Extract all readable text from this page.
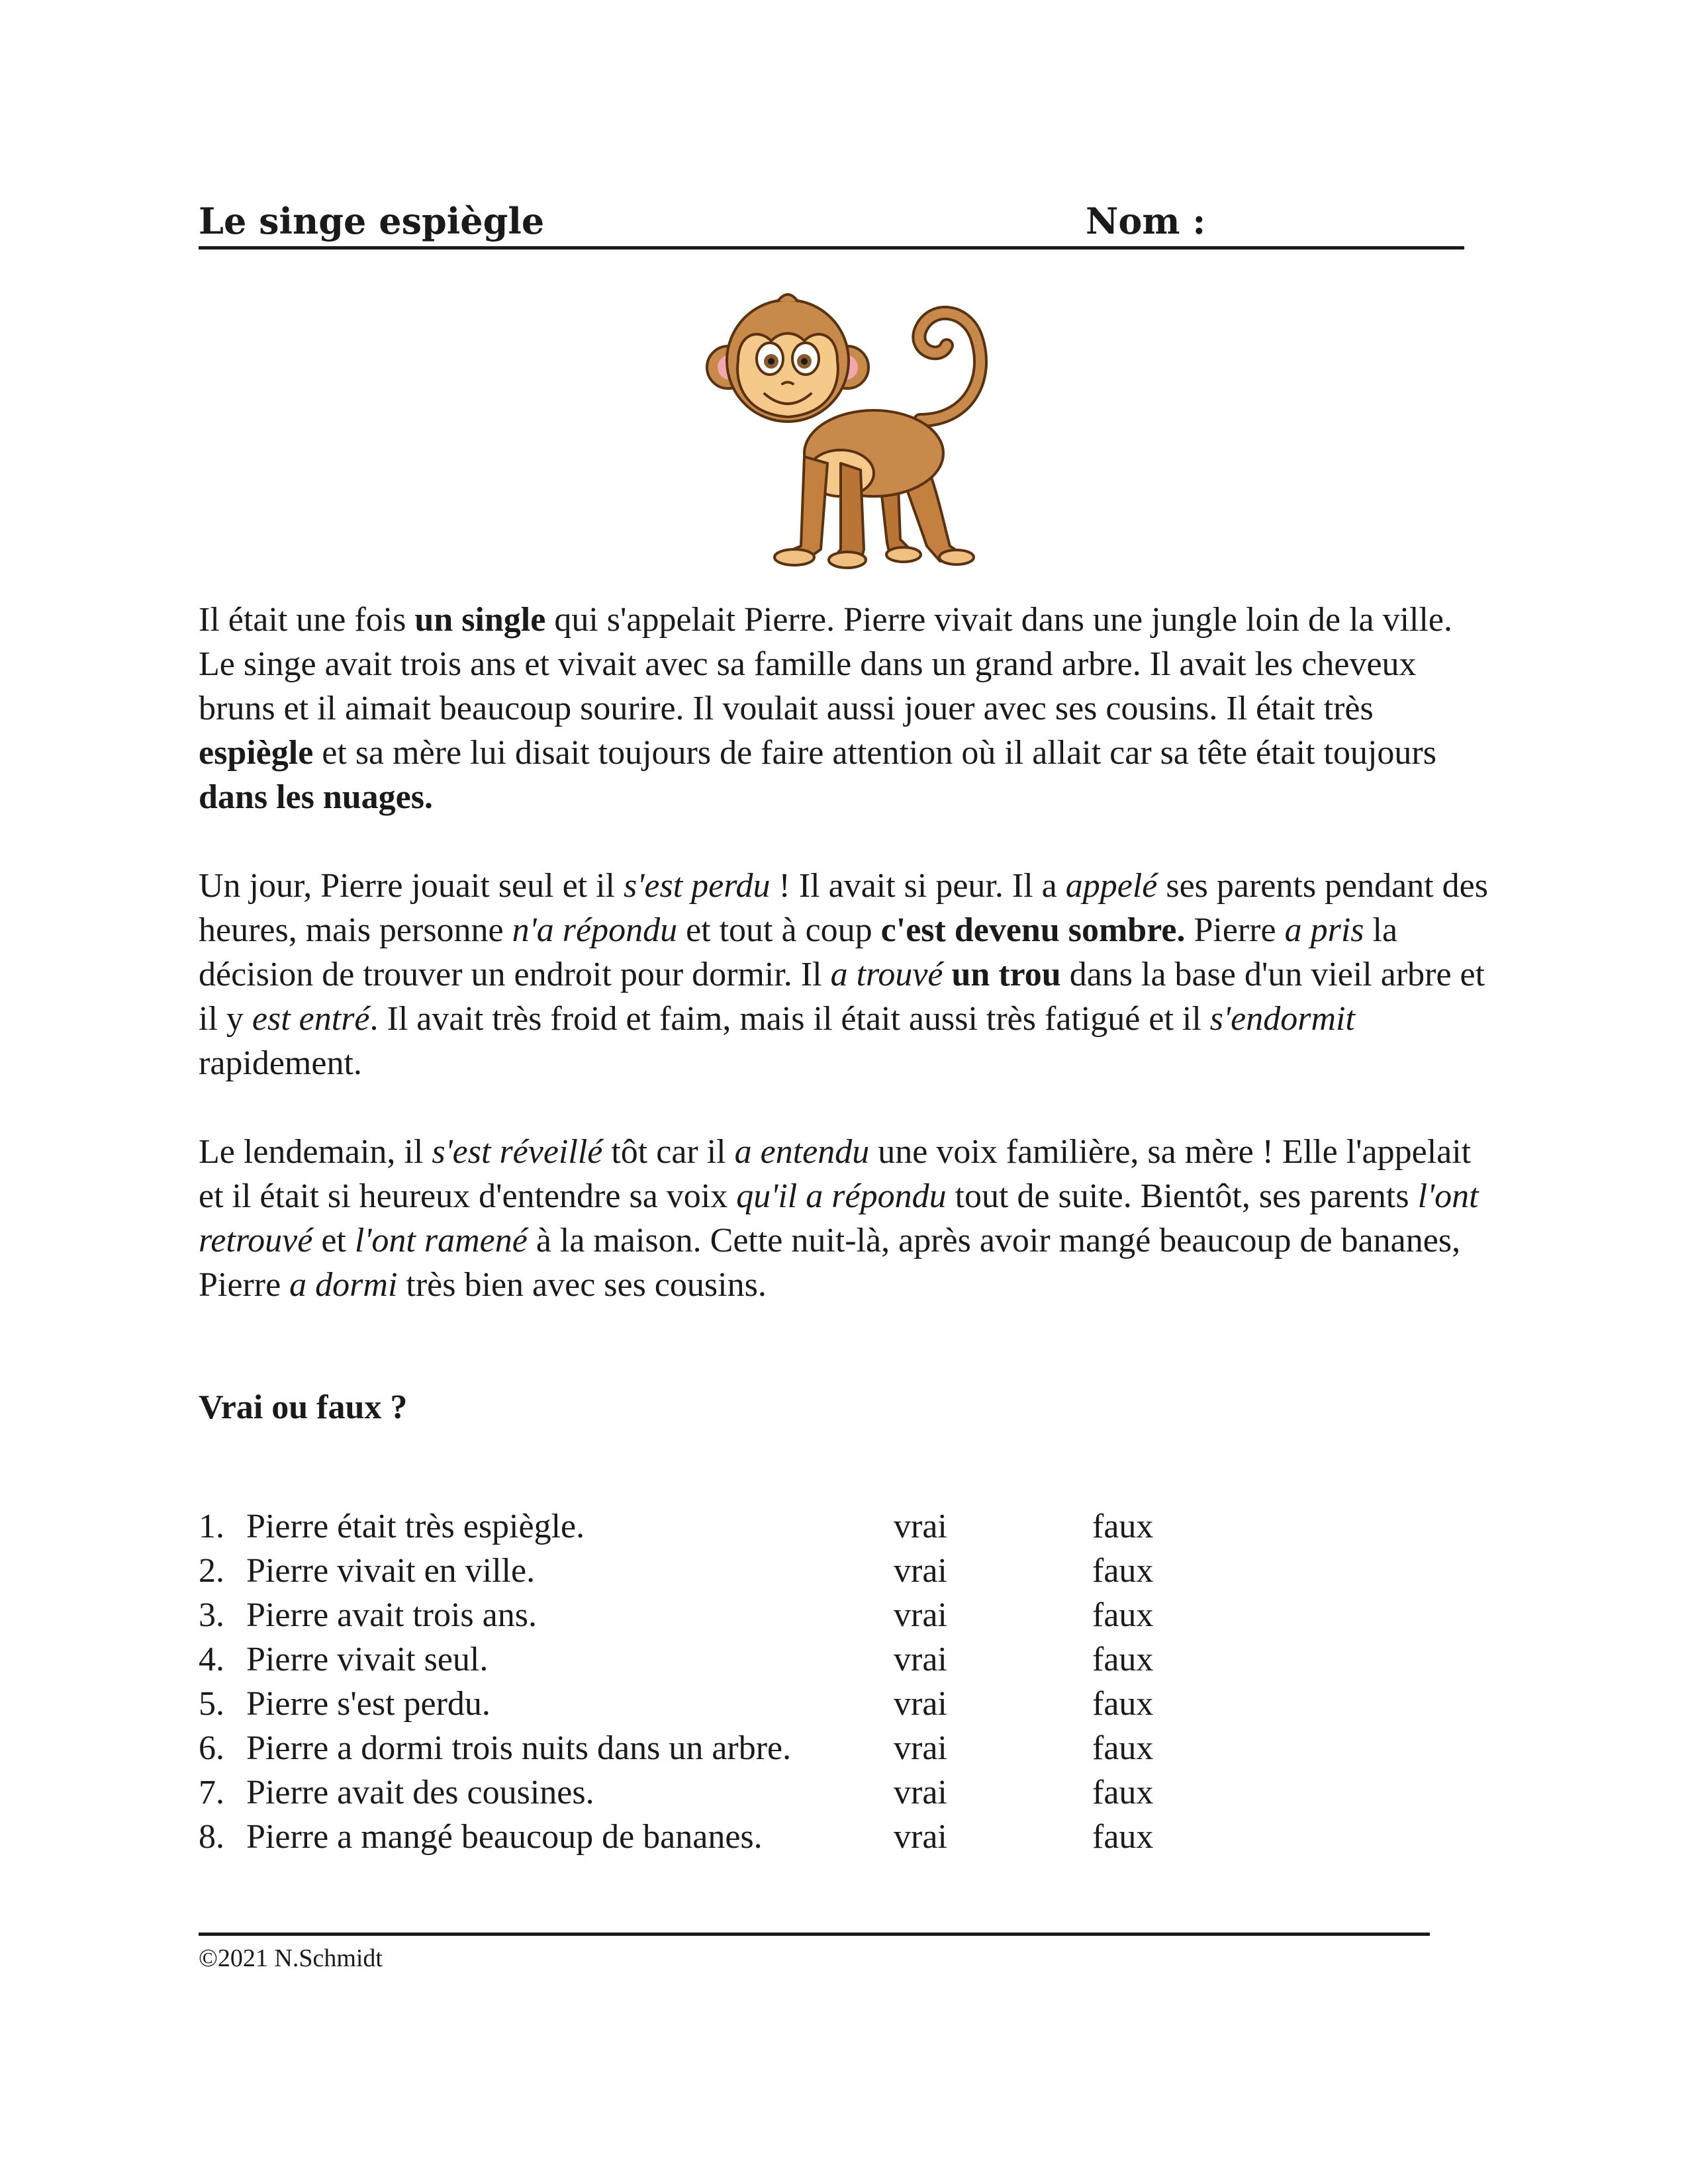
Le singe espiègle	Nom :

Il était une fois un single qui s'appelait Pierre. Pierre vivait dans une jungle loin de la ville. Le singe avait trois ans et vivait avec sa famille dans un grand arbre. Il avait les cheveux bruns et il aimait beaucoup sourire. Il voulait aussi jouer avec ses cousins. Il était très espiègle et sa mère lui disait toujours de faire attention où il allait car sa tête était toujours dans les nuages.

Un jour, Pierre jouait seul et il s'est perdu ! Il avait si peur. Il a appelé ses parents pendant des heures, mais personne n'a répondu et tout à coup c'est devenu sombre. Pierre a pris la décision de trouver un endroit pour dormir. Il a trouvé un trou dans la base d'un vieil arbre et il y est entré. Il avait très froid et faim, mais il était aussi très fatigué et il s'endormit rapidement.

Le lendemain, il s'est réveillé tôt car il a entendu une voix familière, sa mère ! Elle l'appelait et il était si heureux d'entendre sa voix qu'il a répondu tout de suite. Bientôt, ses parents l'ont retrouvé et l'ont ramené à la maison. Cette nuit-là, après avoir mangé beaucoup de bananes, Pierre a dormi très bien avec ses cousins.

Vrai ou faux ?
1. Pierre était très espiègle.	vrai	faux
2. Pierre vivait en ville.	vrai	faux
3. Pierre avait trois ans.	vrai	faux
4. Pierre vivait seul.	vrai	faux
5. Pierre s'est perdu.	vrai	faux
6. Pierre a dormi trois nuits dans un arbre.	vrai	faux
7. Pierre avait des cousines.	vrai	faux
8. Pierre a mangé beaucoup de bananes.	vrai	faux
©2021 N.Schmidt
